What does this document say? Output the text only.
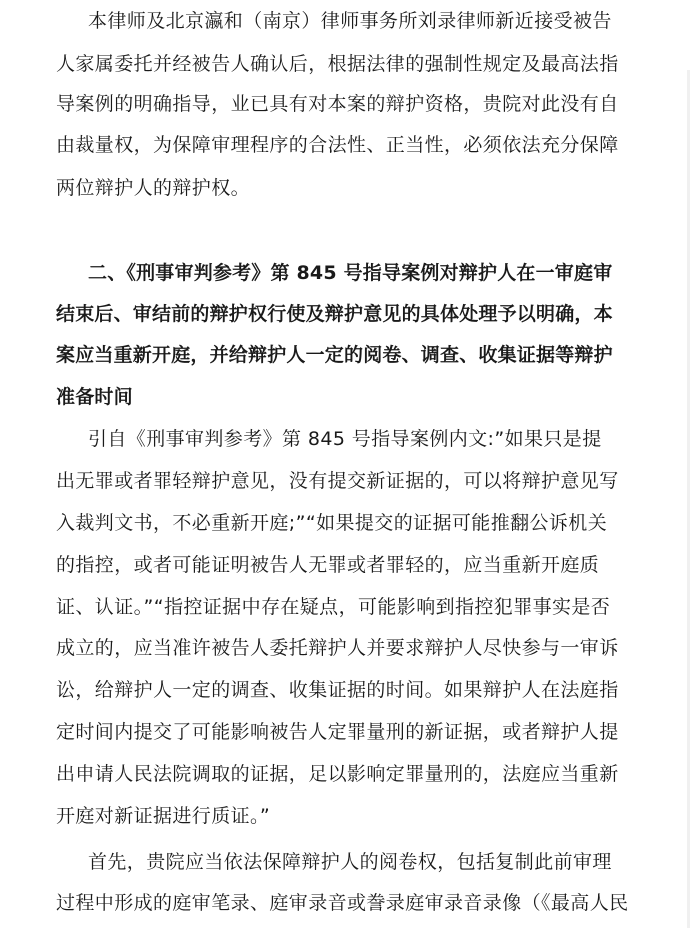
本律师及北京瀛和（南京）律师事务所刘录律师新近接受被告
人家属委托并经被告人确认后，根据法律的强制性规定及最高法指
导案例的明确指导，业已具有对本案的辩护资格，贵院对此没有自
由裁量权，为保障审理程序的合法性、正当性，必须依法充分保障
两位辩护人的辩护权。
二、《刑事审判参考》第 845 号指导案例对辩护人在一审庭审
结束后、审结前的辩护权行使及辩护意见的具体处理予以明确，本
案应当重新开庭，并给辩护人一定的阅卷、调查、收集证据等辩护
准备时间
引自《刑事审判参考》第 845 号指导案例内文:”如果只是提
出无罪或者罪轻辩护意见，没有提交新证据的，可以将辩护意见写
入裁判文书，不必重新开庭;”“如果提交的证据可能推翻公诉机关
的指控，或者可能证明被告人无罪或者罪轻的，应当重新开庭质
证、认证。”“指控证据中存在疑点，可能影响到指控犯罪事实是否
成立的，应当准许被告人委托辩护人并要求辩护人尽快参与一审诉
讼，给辩护人一定的调查、收集证据的时间。如果辩护人在法庭指
定时间内提交了可能影响被告人定罪量刑的新证据，或者辩护人提
出申请人民法院调取的证据，足以影响定罪量刑的，法庭应当重新
开庭对新证据进行质证。”
首先，贵院应当依法保障辩护人的阅卷权，包括复制此前审理
过程中形成的庭审笔录、庭审录音或誊录庭审录音录像（《最高人民
